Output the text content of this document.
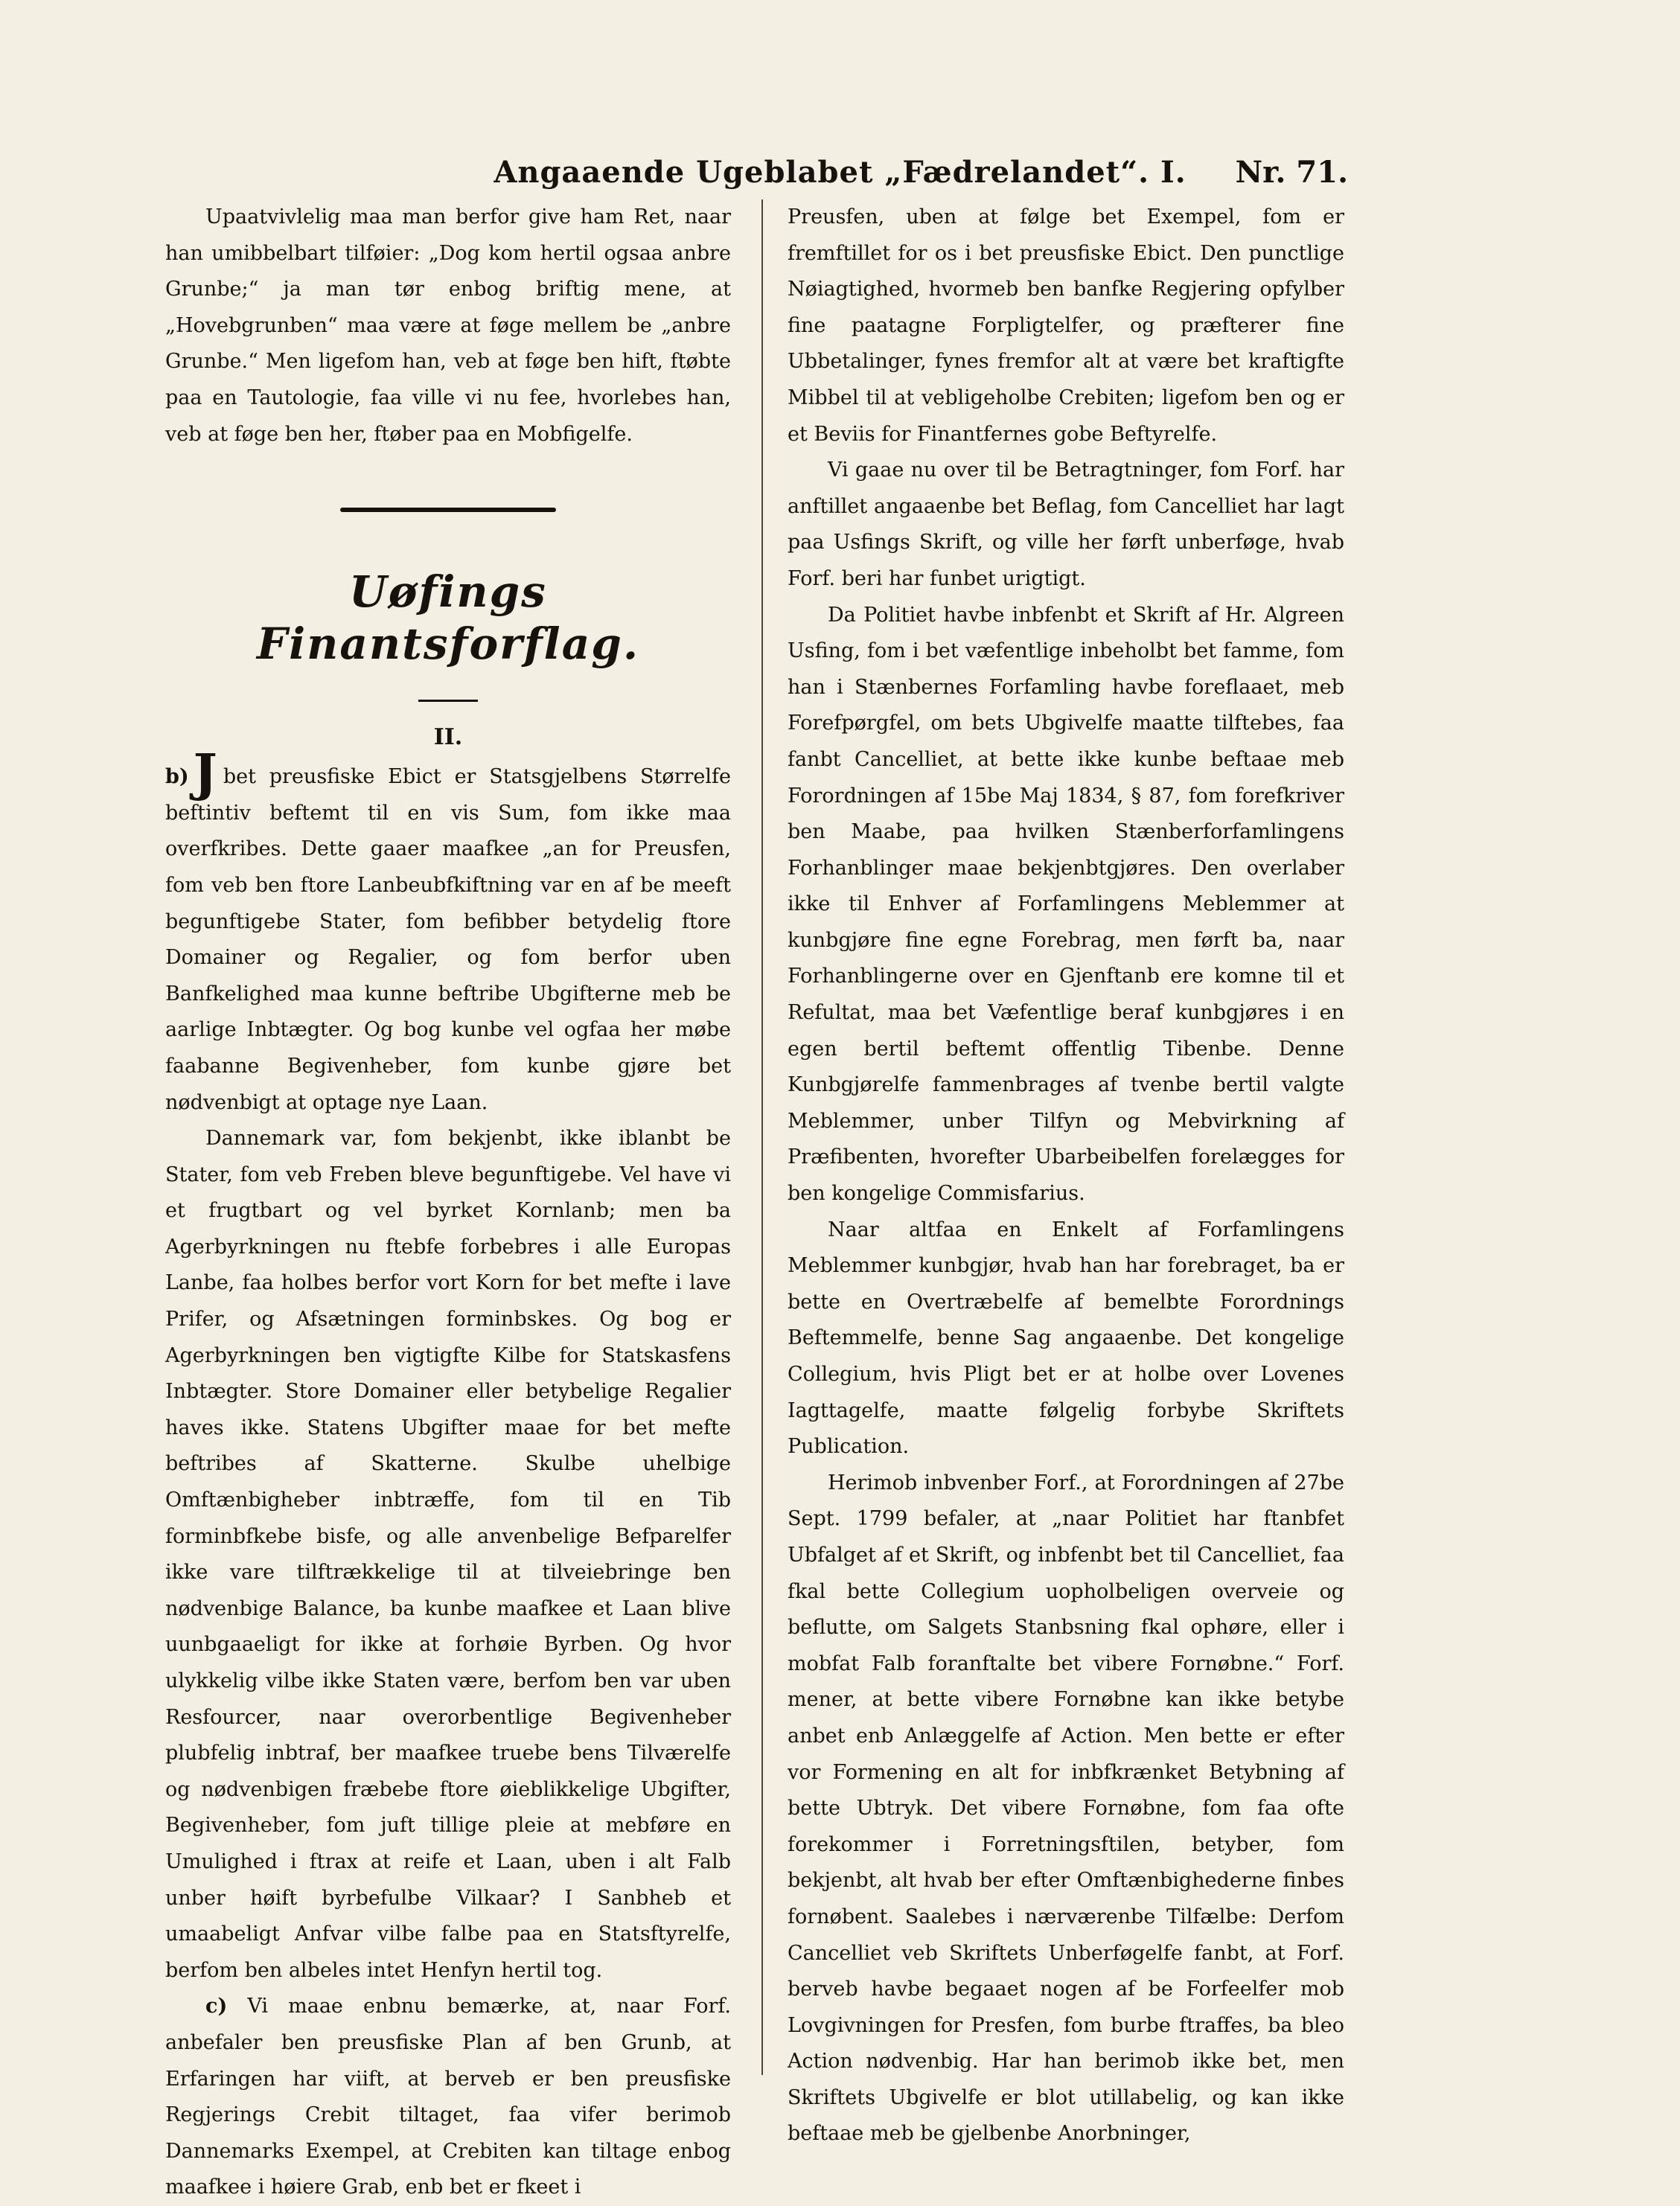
Angaaende Ugeblabet „Fædrelandet“. I.	Nr. 71.

Upaatvivlelig maa man berfor give ham Ret, naar han umibbelbart tilføier: „Dog kom hertil ogsaa anbre Grunbe;“ ja man tør enbog briftig mene, at „Hovebgrunben“ maa være at føge mellem be „anbre Grunbe.“ Men ligefom han, veb at føge ben hift, ftøbte paa en Tautologie, faa ville vi nu fee, hvorlebes han, veb at føge ben her, ftøber paa en Mobfigelfe.

Uøfings Finantsforflag.
II.

b)J bet preusfiske Ebict er Statsgjelbens Størrelfe beftintiv beftemt til en vis Sum, fom ikke maa overfkribes. Dette gaaer maafkee „an for Preusfen, fom veb ben ftore Lanbeubfkiftning var en af be meeft begunftigebe Stater, fom befibber betydelig ftore Domainer og Regalier, og fom berfor uben Banfkelighed maa kunne beftribe Ubgifterne meb be aarlige Inbtægter. Og bog kunbe vel ogfaa her møbe faabanne Begivenheber, fom kunbe gjøre bet nødvenbigt at optage nye Laan.

Dannemark var, fom bekjenbt, ikke iblanbt be Stater, fom veb Freben bleve begunftigebe. Vel have vi et frugtbart og vel byrket Kornlanb; men ba Agerbyrkningen nu ftebfe forbebres i alle Europas Lanbe, faa holbes berfor vort Korn for bet mefte i lave Prifer, og Afsætningen forminbskes. Og bog er Agerbyrkningen ben vigtigfte Kilbe for Statskasfens Inbtægter. Store Domainer eller betybelige Regalier haves ikke. Statens Ubgifter maae for bet mefte beftribes af Skatterne. Skulbe uhelbige Omftænbigheber inbtræffe, fom til en Tib forminbfkebe bisfe, og alle anvenbelige Befparelfer ikke vare tilftrækkelige til at tilveiebringe ben nødvenbige Balance, ba kunbe maafkee et Laan blive uunbgaaeligt for ikke at forhøie Byrben. Og hvor ulykkelig vilbe ikke Staten være, berfom ben var uben Resfourcer, naar overorbentlige Begivenheber plubfelig inbtraf, ber maafkee truebe bens Tilværelfe og nødvenbigen fræbebe ftore øieblikkelige Ubgifter, Begivenheber, fom juft tillige pleie at mebføre en Umulighed i ftrax at reife et Laan, uben i alt Falb unber høift byrbefulbe Vilkaar? I Sanbheb et umaabeligt Anfvar vilbe falbe paa en Statsftyrelfe, berfom ben albeles intet Henfyn hertil tog.

c) Vi maae enbnu bemærke, at, naar Forf. anbefaler ben preusfiske Plan af ben Grunb, at Erfaringen har viift, at berveb er ben preusfiske Regjerings Crebit tiltaget, faa vifer berimob Dannemarks Exempel, at Crebiten kan tiltage enbog maafkee i høiere Grab, enb bet er fkeet i

Preusfen, uben at følge bet Exempel, fom er fremftillet for os i bet preusfiske Ebict. Den punctlige Nøiagtighed, hvormeb ben banfke Regjering opfylber fine paatagne Forpligtelfer, og præfterer fine Ubbetalinger, fynes fremfor alt at være bet kraftigfte Mibbel til at vebligeholbe Crebiten; ligefom ben og er et Beviis for Finantfernes gobe Beftyrelfe.

Vi gaae nu over til be Betragtninger, fom Forf. har anftillet angaaenbe bet Beflag, fom Cancelliet har lagt paa Usfings Skrift, og ville her førft unberføge, hvab Forf. beri har funbet urigtigt.

Da Politiet havbe inbfenbt et Skrift af Hr. Algreen Usfing, fom i bet væfentlige inbeholbt bet famme, fom han i Stænbernes Forfamling havbe foreflaaet, meb Forefpørgfel, om bets Ubgivelfe maatte tilftebes, faa fanbt Cancelliet, at bette ikke kunbe beftaae meb Forordningen af 15be Maj 1834, § 87, fom forefkriver ben Maabe, paa hvilken Stænberforfamlingens Forhanblinger maae bekjenbtgjøres. Den overlaber ikke til Enhver af Forfamlingens Meblemmer at kunbgjøre fine egne Forebrag, men førft ba, naar Forhanblingerne over en Gjenftanb ere komne til et Refultat, maa bet Væfentlige beraf kunbgjøres i en egen bertil beftemt offentlig Tibenbe. Denne Kunbgjørelfe fammenbrages af tvenbe bertil valgte Meblemmer, unber Tilfyn og Mebvirkning af Præfibenten, hvorefter Ubarbeibelfen forelægges for ben kongelige Commisfarius.

Naar altfaa en Enkelt af Forfamlingens Meblemmer kunbgjør, hvab han har forebraget, ba er bette en Overtræbelfe af bemelbte Forordnings Beftemmelfe, benne Sag angaaenbe. Det kongelige Collegium, hvis Pligt bet er at holbe over Lovenes Iagttagelfe, maatte følgelig forbybe Skriftets Publication.

Herimob inbvenber Forf., at Forordningen af 27be Sept. 1799 befaler, at „naar Politiet har ftanbfet Ubfalget af et Skrift, og inbfenbt bet til Cancelliet, faa fkal bette Collegium uopholbeligen overveie og beflutte, om Salgets Stanbsning fkal ophøre, eller i mobfat Falb foranftalte bet vibere Fornøbne.“ Forf. mener, at bette vibere Fornøbne kan ikke betybe anbet enb Anlæggelfe af Action. Men bette er efter vor Formening en alt for inbfkrænket Betybning af bette Ubtryk. Det vibere Fornøbne, fom faa ofte forekommer i Forretningsftilen, betyber, fom bekjenbt, alt hvab ber efter Omftænbighederne finbes fornøbent. Saalebes i nærværenbe Tilfælbe: Derfom Cancelliet veb Skriftets Unberføgelfe fanbt, at Forf. berveb havbe begaaet nogen af be Forfeelfer mob Lovgivningen for Presfen, fom burbe ftraffes, ba bleo Action nødvenbig. Har han berimob ikke bet, men Skriftets Ubgivelfe er blot utillabelig, og kan ikke beftaae meb be gjelbenbe Anorbninger,
